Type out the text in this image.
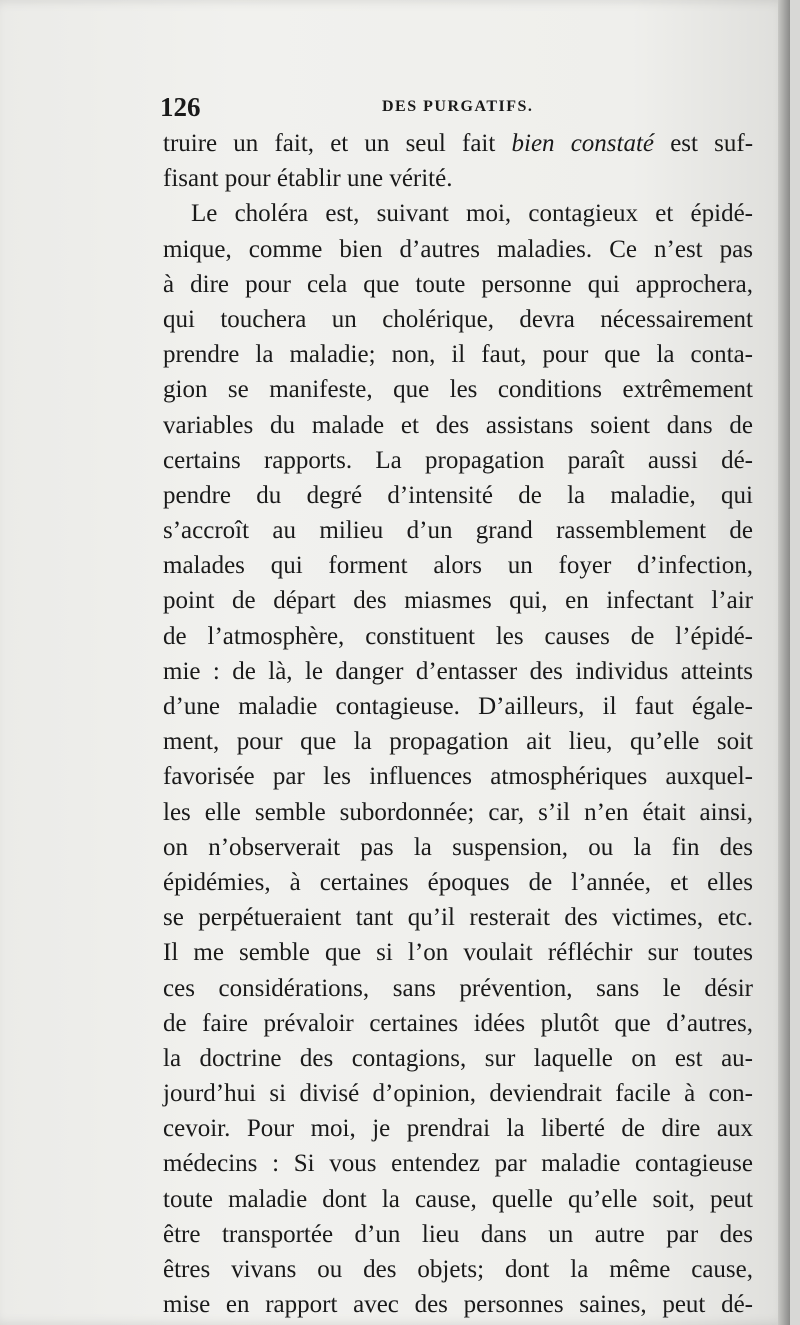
126	DES PURGATIFS.
truire un fait, et un seul fait bien constaté est suf-
fisant pour établir une vérité.
Le choléra est, suivant moi, contagieux et épidé-
mique, comme bien d’autres maladies. Ce n’est pas
à dire pour cela que toute personne qui approchera,
qui touchera un cholérique, devra nécessairement
prendre la maladie; non, il faut, pour que la conta-
gion se manifeste, que les conditions extrêmement
variables du malade et des assistans soient dans de
certains rapports. La propagation paraît aussi dé-
pendre du degré d’intensité de la maladie, qui
s’accroît au milieu d’un grand rassemblement de
malades qui forment alors un foyer d’infection,
point de départ des miasmes qui, en infectant l’air
de l’atmosphère, constituent les causes de l’épidé-
mie : de là, le danger d’entasser des individus atteints
d’une maladie contagieuse. D’ailleurs, il faut égale-
ment, pour que la propagation ait lieu, qu’elle soit
favorisée par les influences atmosphériques auxquel-
les elle semble subordonnée; car, s’il n’en était ainsi,
on n’observerait pas la suspension, ou la fin des
épidémies, à certaines époques de l’année, et elles
se perpétueraient tant qu’il resterait des victimes, etc.
Il me semble que si l’on voulait réfléchir sur toutes
ces considérations, sans prévention, sans le désir
de faire prévaloir certaines idées plutôt que d’autres,
la doctrine des contagions, sur laquelle on est au-
jourd’hui si divisé d’opinion, deviendrait facile à con-
cevoir. Pour moi, je prendrai la liberté de dire aux
médecins : Si vous entendez par maladie contagieuse
toute maladie dont la cause, quelle qu’elle soit, peut
être transportée d’un lieu dans un autre par des
êtres vivans ou des objets; dont la même cause,
mise en rapport avec des personnes saines, peut dé-
